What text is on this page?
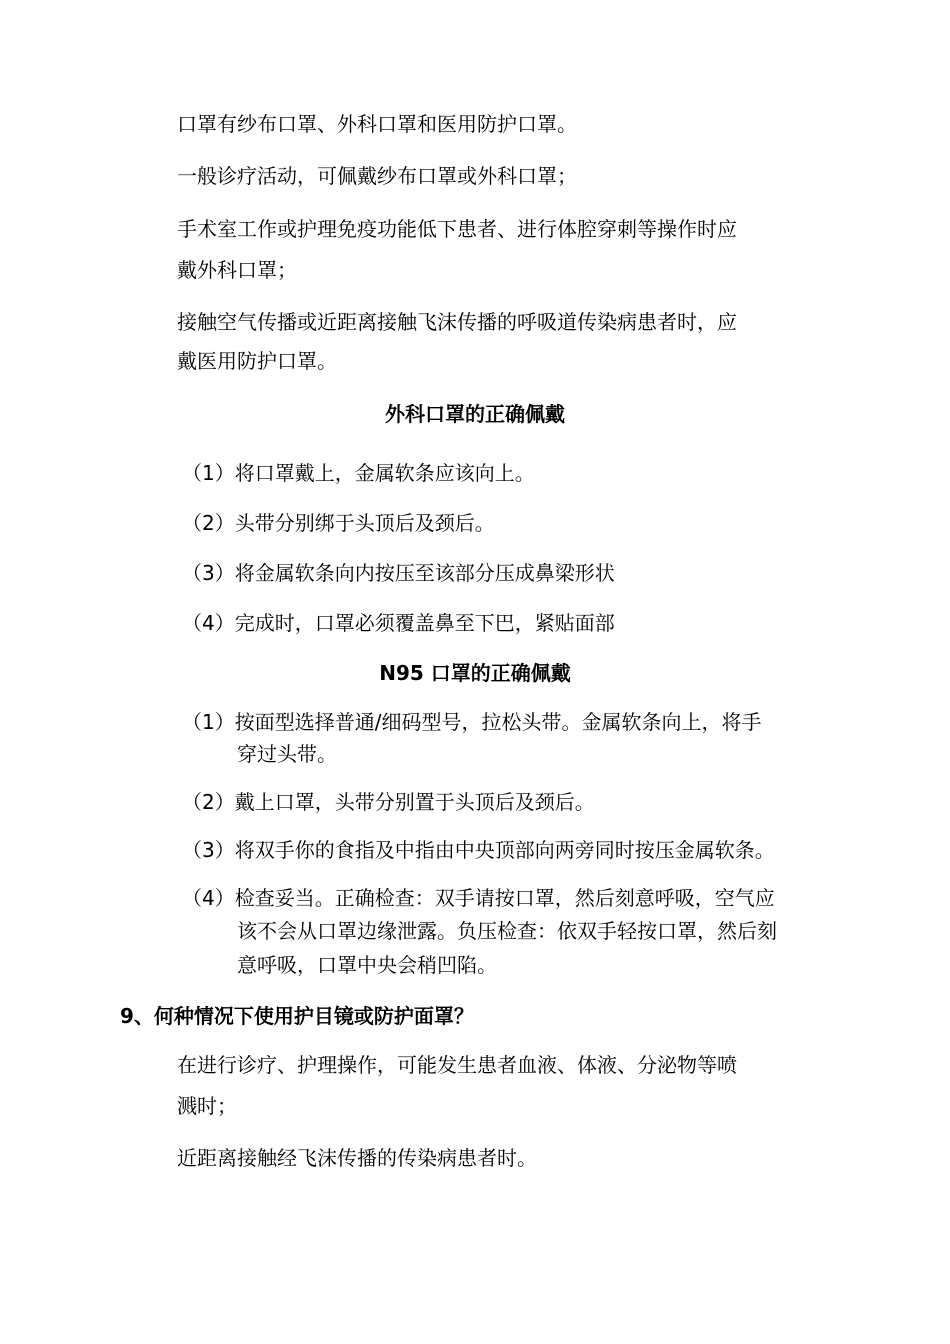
口罩有纱布口罩、外科口罩和医用防护口罩。
一般诊疗活动，可佩戴纱布口罩或外科口罩；
手术室工作或护理免疫功能低下患者、进行体腔穿刺等操作时应
戴外科口罩；
接触空气传播或近距离接触飞沫传播的呼吸道传染病患者时，应
戴医用防护口罩。
外科口罩的正确佩戴
（1）将口罩戴上，金属软条应该向上。
（2）头带分别绑于头顶后及颈后。
（3）将金属软条向内按压至该部分压成鼻梁形状
（4）完成时，口罩必须覆盖鼻至下巴，紧贴面部
N95 口罩的正确佩戴
（1）按面型选择普通/细码型号，拉松头带。金属软条向上，将手
穿过头带。
（2）戴上口罩，头带分别置于头顶后及颈后。
（3）将双手你的食指及中指由中央顶部向两旁同时按压金属软条。
（4）检查妥当。正确检查：双手请按口罩，然后刻意呼吸，空气应
该不会从口罩边缘泄露。负压检查：依双手轻按口罩，然后刻
意呼吸，口罩中央会稍凹陷。
9、何种情况下使用护目镜或防护面罩？
在进行诊疗、护理操作，可能发生患者血液、体液、分泌物等喷
溅时；
近距离接触经飞沫传播的传染病患者时。
